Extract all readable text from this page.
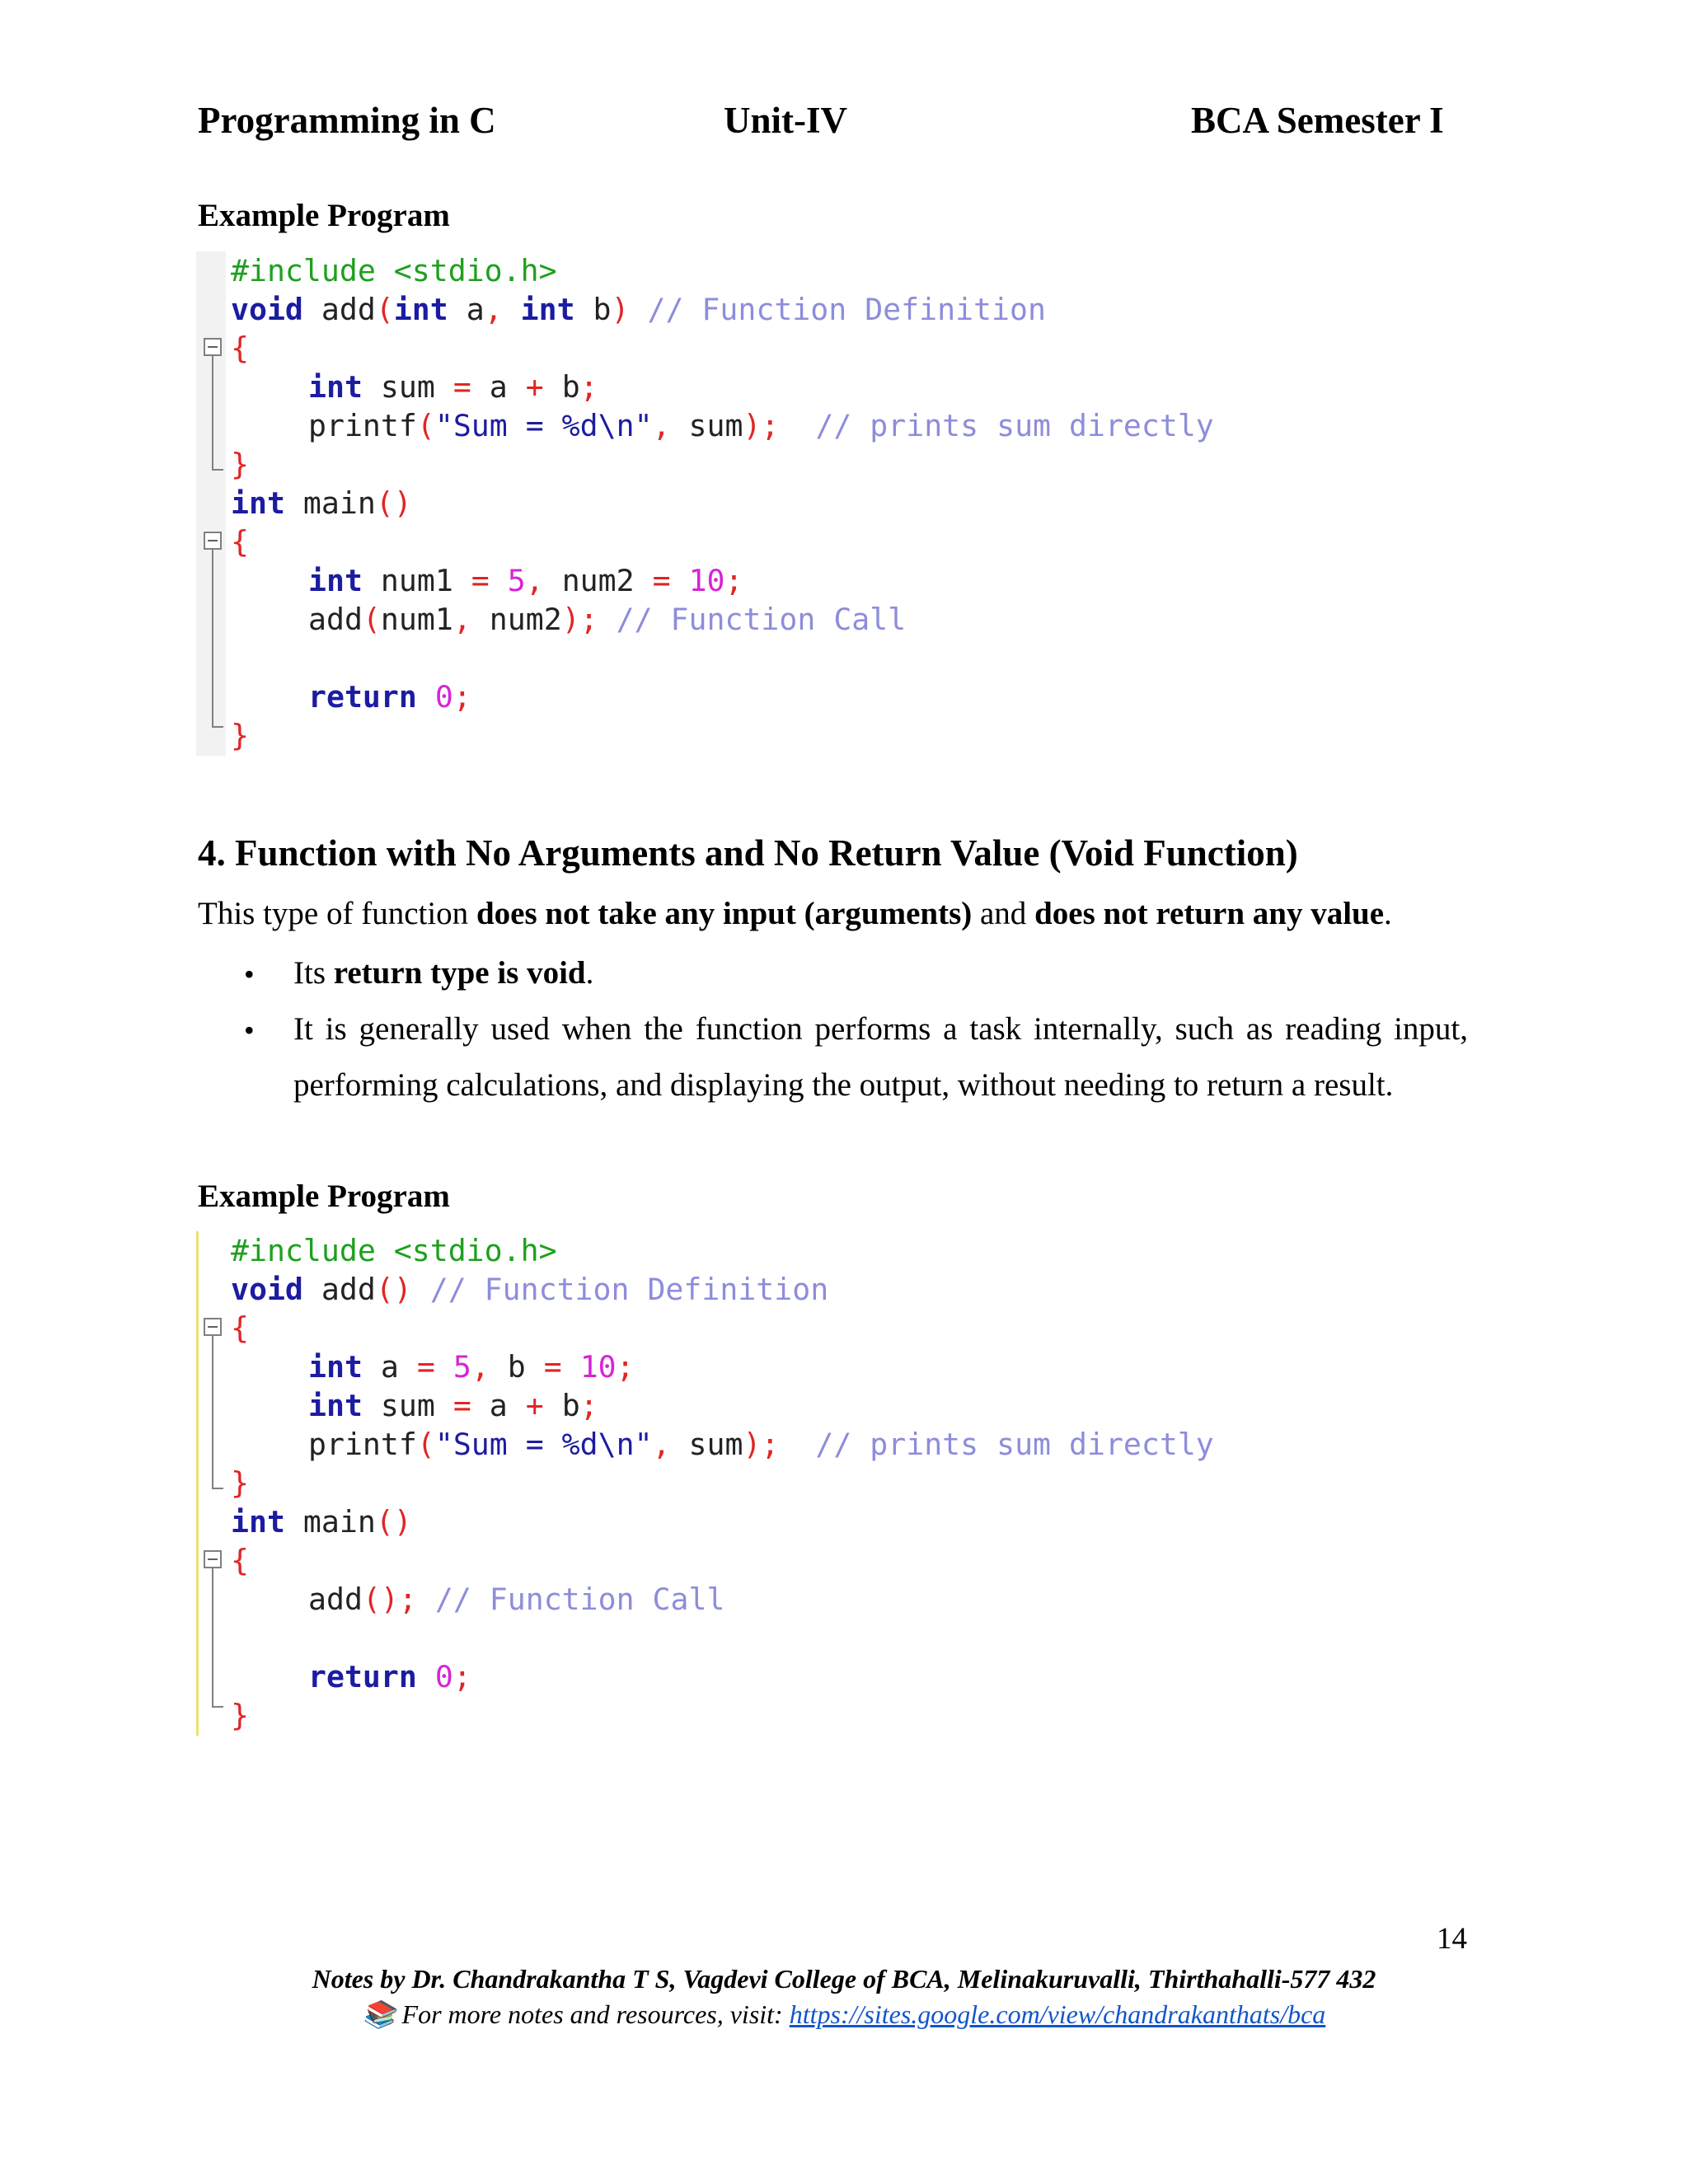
Programming in C	Unit-IV	BCA Semester I
Example Program
#include <stdio.h>
void add(int a, int b) // Function Definition
{
int sum = a + b;
printf("Sum = %d\n", sum);  // prints sum directly
}
int main()
{
int num1 = 5, num2 = 10;
add(num1, num2); // Function Call
return 0;
}
4. Function with No Arguments and No Return Value (Void Function)
This type of function does not take any input (arguments) and does not return any value.
• Its return type is void.
• It is generally used when the function performs a task internally, such as reading input, performing calculations, and displaying the output, without needing to return a result.
Example Program
#include <stdio.h>
void add() // Function Definition
{
int a = 5, b = 10;
int sum = a + b;
printf("Sum = %d\n", sum);  // prints sum directly
}
int main()
{
add(); // Function Call
return 0;
}
14
Notes by Dr. Chandrakantha T S, Vagdevi College of BCA, Melinakuruvalli, Thirthahalli-577 432
📚 For more notes and resources, visit: https://sites.google.com/view/chandrakanthats/bca
